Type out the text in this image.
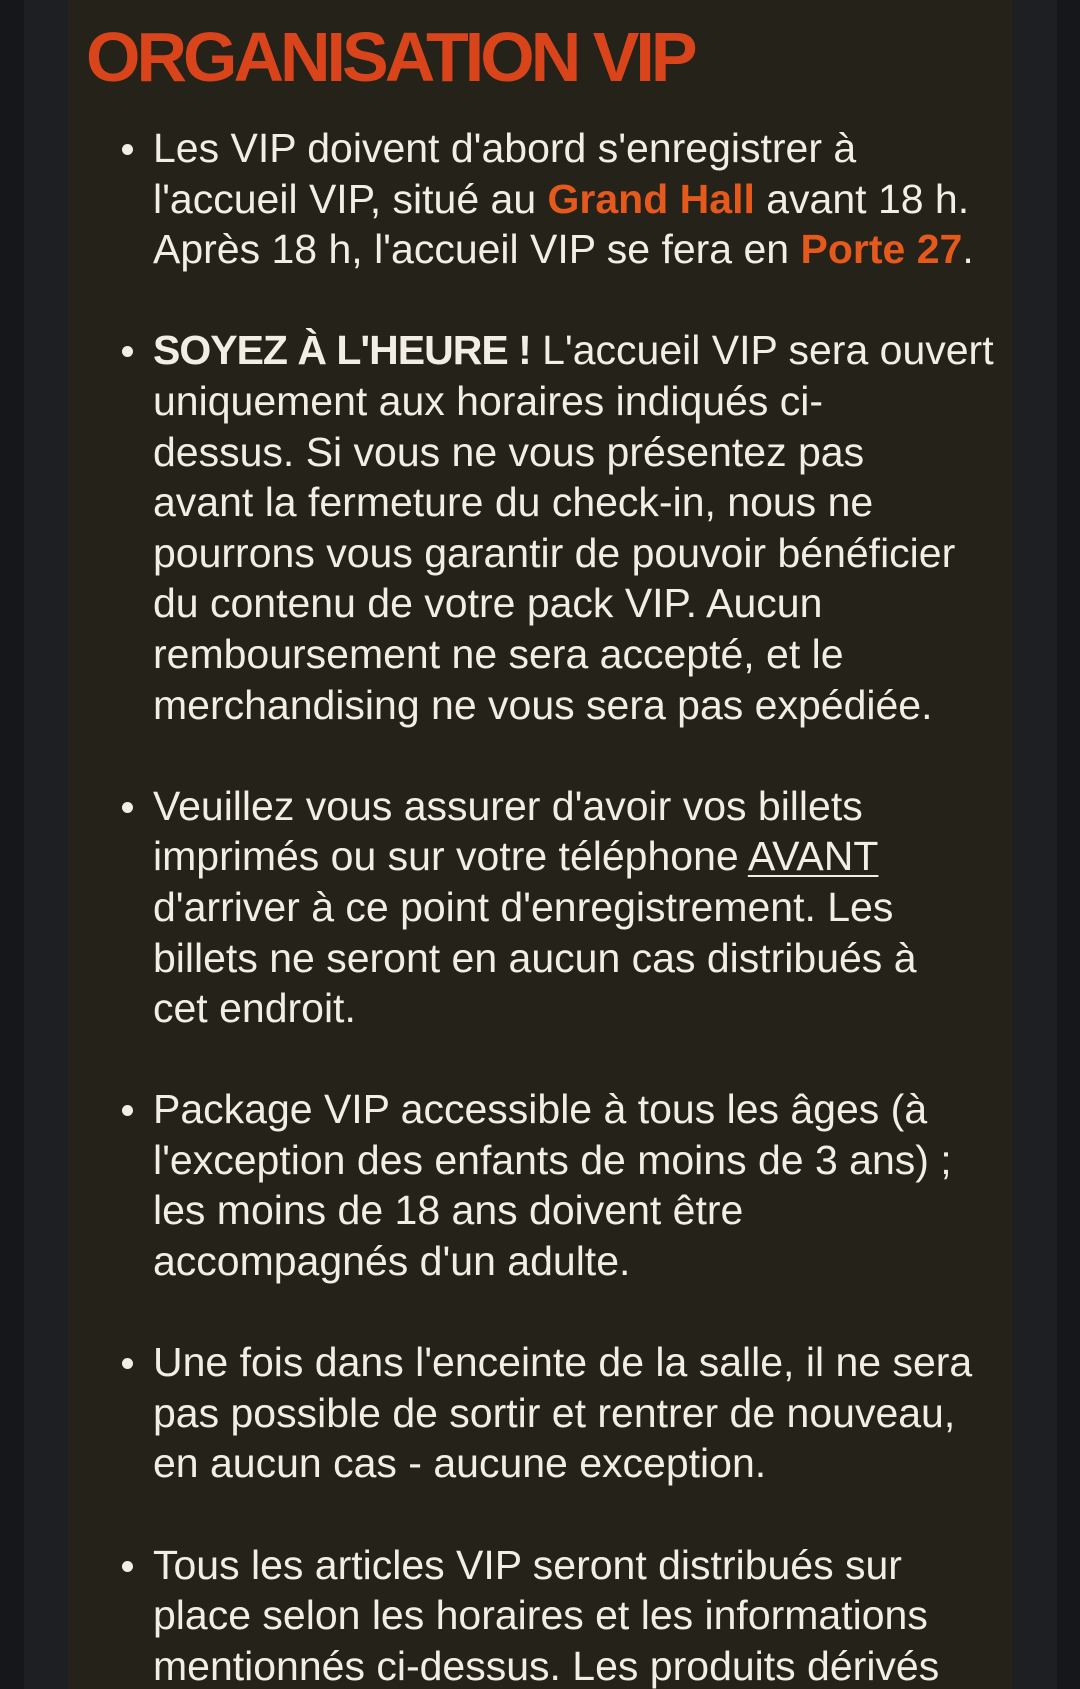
ORGANISATION VIP
Les VIP doivent d'abord s'enregistrer à
l'accueil VIP, situé au Grand Hall avant 18 h.
Après 18 h, l'accueil VIP se fera en Porte 27.
SOYEZ À L'HEURE ! L'accueil VIP sera ouvert
uniquement aux horaires indiqués ci-
dessus. Si vous ne vous présentez pas
avant la fermeture du check-in, nous ne
pourrons vous garantir de pouvoir bénéficier
du contenu de votre pack VIP. Aucun
remboursement ne sera accepté, et le
merchandising ne vous sera pas expédiée.
Veuillez vous assurer d'avoir vos billets
imprimés ou sur votre téléphone AVANT
d'arriver à ce point d'enregistrement. Les
billets ne seront en aucun cas distribués à
cet endroit.
Package VIP accessible à tous les âges (à
l'exception des enfants de moins de 3 ans) ;
les moins de 18 ans doivent être
accompagnés d'un adulte.
Une fois dans l'enceinte de la salle, il ne sera
pas possible de sortir et rentrer de nouveau,
en aucun cas - aucune exception.
Tous les articles VIP seront distribués sur
place selon les horaires et les informations
mentionnés ci-dessus. Les produits dérivés
